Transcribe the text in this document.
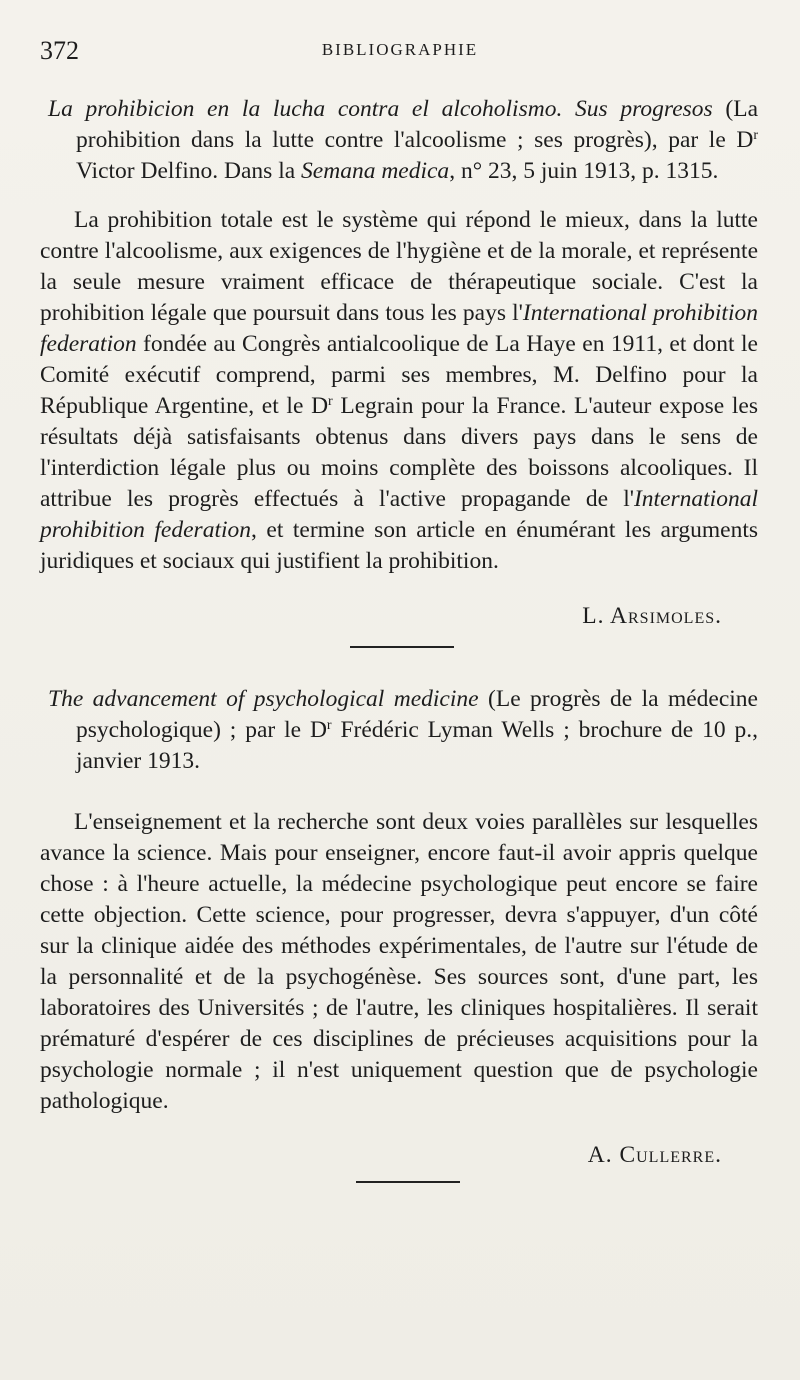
372	BIBLIOGRAPHIE

La prohibicion en la lucha contra el alcoholismo. Sus progresos (La prohibition dans la lutte contre l'alcoolisme ; ses progrès), par le $D^r$ Victor Delfino. Dans la Semana medica, n° 23, 5 juin 1913, p. 1315.

La prohibition totale est le système qui répond le mieux, dans la lutte contre l'alcoolisme, aux exigences de l'hygiène et de la morale, et représente la seule mesure vraiment efficace de thérapeutique sociale. C'est la prohibition légale que poursuit dans tous les pays l'International prohibition federation fondée au Congrès antialcoolique de La Haye en 1911, et dont le Comité exécutif comprend, parmi ses membres, M. Delfino pour la République Argentine, et le $D^r$ Legrain pour la France. L'auteur expose les résultats déjà satisfaisants obtenus dans divers pays dans le sens de l'interdiction légale plus ou moins complète des boissons alcooliques. Il attribue les progrès effectués à l'active propagande de l'International prohibition federation, et termine son article en énumérant les arguments juridiques et sociaux qui justifient la prohibition.

L. Arsimoles.

The advancement of psychological medicine (Le progrès de la médecine psychologique) ; par le $D^r$ Frédéric Lyman Wells ; brochure de 10 p., janvier 1913.

L'enseignement et la recherche sont deux voies parallèles sur lesquelles avance la science. Mais pour enseigner, encore faut-il avoir appris quelque chose : à l'heure actuelle, la médecine psychologique peut encore se faire cette objection. Cette science, pour progresser, devra s'appuyer, d'un côté sur la clinique aidée des méthodes expérimentales, de l'autre sur l'étude de la personnalité et de la psychogénèse. Ses sources sont, d'une part, les laboratoires des Universités ; de l'autre, les cliniques hospitalières. Il serait prématuré d'espérer de ces disciplines de précieuses acquisitions pour la psychologie normale ; il n'est uniquement question que de psychologie pathologique.

A. Cullerre.
